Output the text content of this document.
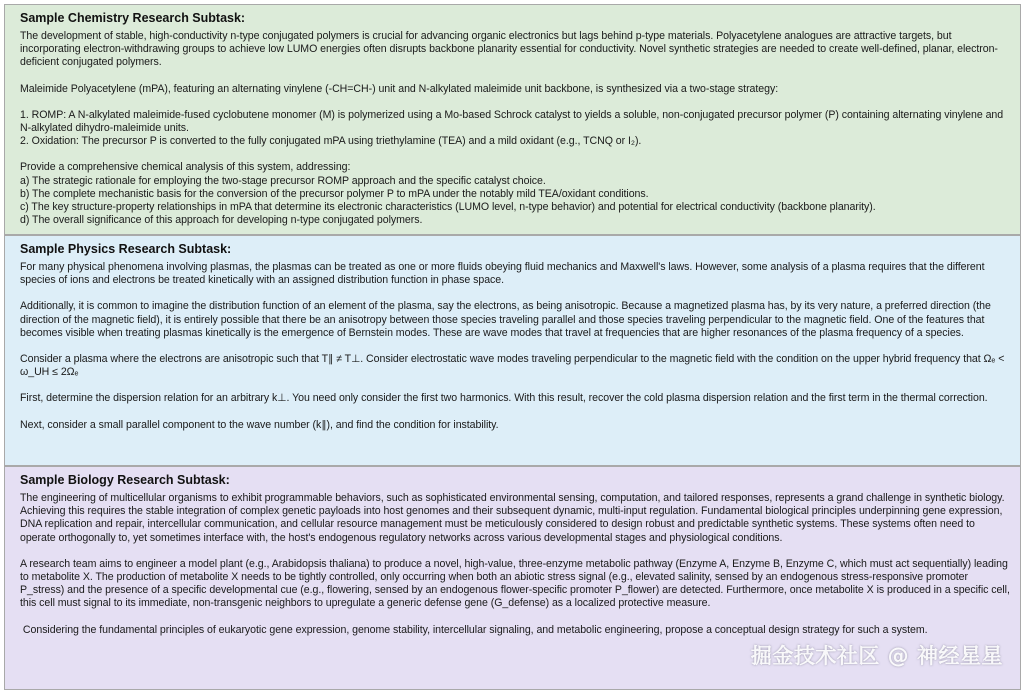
Sample Chemistry Research Subtask:

The development of stable, high-conductivity n-type conjugated polymers is crucial for advancing organic electronics but lags behind p-type materials. Polyacetylene analogues are attractive targets, but incorporating electron-withdrawing groups to achieve low LUMO energies often disrupts backbone planarity essential for conductivity. Novel synthetic strategies are needed to create well-defined, planar, electron-deficient conjugated polymers.

Maleimide Polyacetylene (mPA), featuring an alternating vinylene (-CH=CH-) unit and N-alkylated maleimide unit backbone, is synthesized via a two-stage strategy:

1. ROMP: A N-alkylated maleimide-fused cyclobutene monomer (M) is polymerized using a Mo-based Schrock catalyst to yields a soluble, non-conjugated precursor polymer (P) containing alternating vinylene and N-alkylated dihydro-maleimide units.

2. Oxidation: The precursor P is converted to the fully conjugated mPA using triethylamine (TEA) and a mild oxidant (e.g., TCNQ or I₂).

Provide a comprehensive chemical analysis of this system, addressing:

a) The strategic rationale for employing the two-stage precursor ROMP approach and the specific catalyst choice.

b) The complete mechanistic basis for the conversion of the precursor polymer P to mPA under the notably mild TEA/oxidant conditions.

c) The key structure-property relationships in mPA that determine its electronic characteristics (LUMO level, n-type behavior) and potential for electrical conductivity (backbone planarity).

d) The overall significance of this approach for developing n-type conjugated polymers.

Sample Physics Research Subtask:

For many physical phenomena involving plasmas, the plasmas can be treated as one or more fluids obeying fluid mechanics and Maxwell's laws. However, some analysis of a plasma requires that the different species of ions and electrons be treated kinetically with an assigned distribution function in phase space.

Additionally, it is common to imagine the distribution function of an element of the plasma, say the electrons, as being anisotropic. Because a magnetized plasma has, by its very nature, a preferred direction (the direction of the magnetic field), it is entirely possible that there be an anisotropy between those species traveling parallel and those species traveling perpendicular to the magnetic field. One of the features that becomes visible when treating plasmas kinetically is the emergence of Bernstein modes. These are wave modes that travel at frequencies that are higher resonances of the plasma frequency of a species.

Consider a plasma where the electrons are anisotropic such that T∥ ≠ T⊥. Consider electrostatic wave modes traveling perpendicular to the magnetic field with the condition on the upper hybrid frequency that Ωₑ < ω_UH ≤ 2Ωₑ

First, determine the dispersion relation for an arbitrary k⊥. You need only consider the first two harmonics. With this result, recover the cold plasma dispersion relation and the first term in the thermal correction.

Next, consider a small parallel component to the wave number (k∥), and find the condition for instability.

Sample Biology Research Subtask:

The engineering of multicellular organisms to exhibit programmable behaviors, such as sophisticated environmental sensing, computation, and tailored responses, represents a grand challenge in synthetic biology. Achieving this requires the stable integration of complex genetic payloads into host genomes and their subsequent dynamic, multi-input regulation. Fundamental biological principles underpinning gene expression, DNA replication and repair, intercellular communication, and cellular resource management must be meticulously considered to design robust and predictable synthetic systems. These systems often need to operate orthogonally to, yet sometimes interface with, the host's endogenous regulatory networks across various developmental stages and physiological conditions.

A research team aims to engineer a model plant (e.g., Arabidopsis thaliana) to produce a novel, high-value, three-enzyme metabolic pathway (Enzyme A, Enzyme B, Enzyme C, which must act sequentially) leading to metabolite X. The production of metabolite X needs to be tightly controlled, only occurring when both an abiotic stress signal (e.g., elevated salinity, sensed by an endogenous stress-responsive promoter P_stress) and the presence of a specific developmental cue (e.g., flowering, sensed by an endogenous flower-specific promoter P_flower) are detected. Furthermore, once metabolite X is produced in a specific cell, this cell must signal to its immediate, non-transgenic neighbors to upregulate a generic defense gene (G_defense) as a localized protective measure.

Considering the fundamental principles of eukaryotic gene expression, genome stability, intercellular signaling, and metabolic engineering, propose a conceptual design strategy for such a system.

掘金技术社区 @ 神经星星
